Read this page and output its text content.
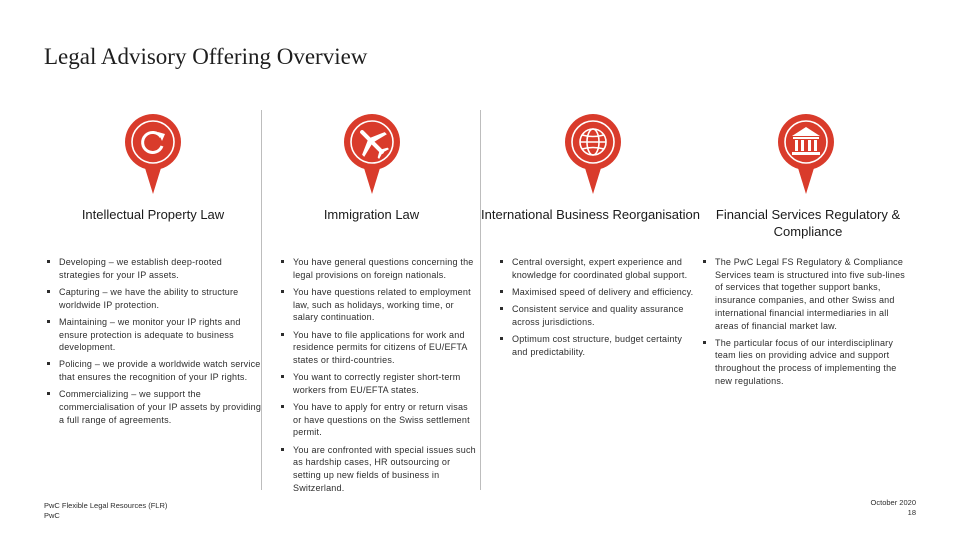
Legal Advisory Offering Overview
Intellectual Property Law
Developing – we establish deep-rooted strategies for your IP assets.
Capturing – we have the ability to structure worldwide IP protection.
Maintaining – we monitor your IP rights and ensure protection is adequate to business development.
Policing – we provide a worldwide watch service that ensures the recognition of your IP rights.
Commercializing – we support the commercialisation of your IP assets by providing a full range of agreements.
Immigration Law
You have general questions concerning the legal provisions on foreign nationals.
You have questions related to employment law, such as holidays, working time, or salary continuation.
You have to file applications for work and residence permits for citizens of EU/EFTA states or third-countries.
You want to correctly register short-term workers from EU/EFTA states.
You have to apply for entry or return visas or have questions on the Swiss settlement permit.
You are confronted with special issues such as hardship cases, HR outsourcing or setting up new fields of business in Switzerland.
International Business Reorganisation
Central oversight, expert experience and knowledge for coordinated global support.
Maximised speed of delivery and efficiency.
Consistent service and quality assurance across jurisdictions.
Optimum cost structure, budget certainty and predictability.
Financial Services Regulatory & Compliance
The PwC Legal FS Regulatory & Compliance Services team is structured into five sub-lines of services that together support banks, insurance companies, and other Swiss and international financial intermediaries in all areas of financial market law.
The particular focus of our interdisciplinary team lies on providing advice and support throughout the process of implementing the new regulations.
PwC Flexible Legal Resources (FLR)
PwC
October 2020
18
